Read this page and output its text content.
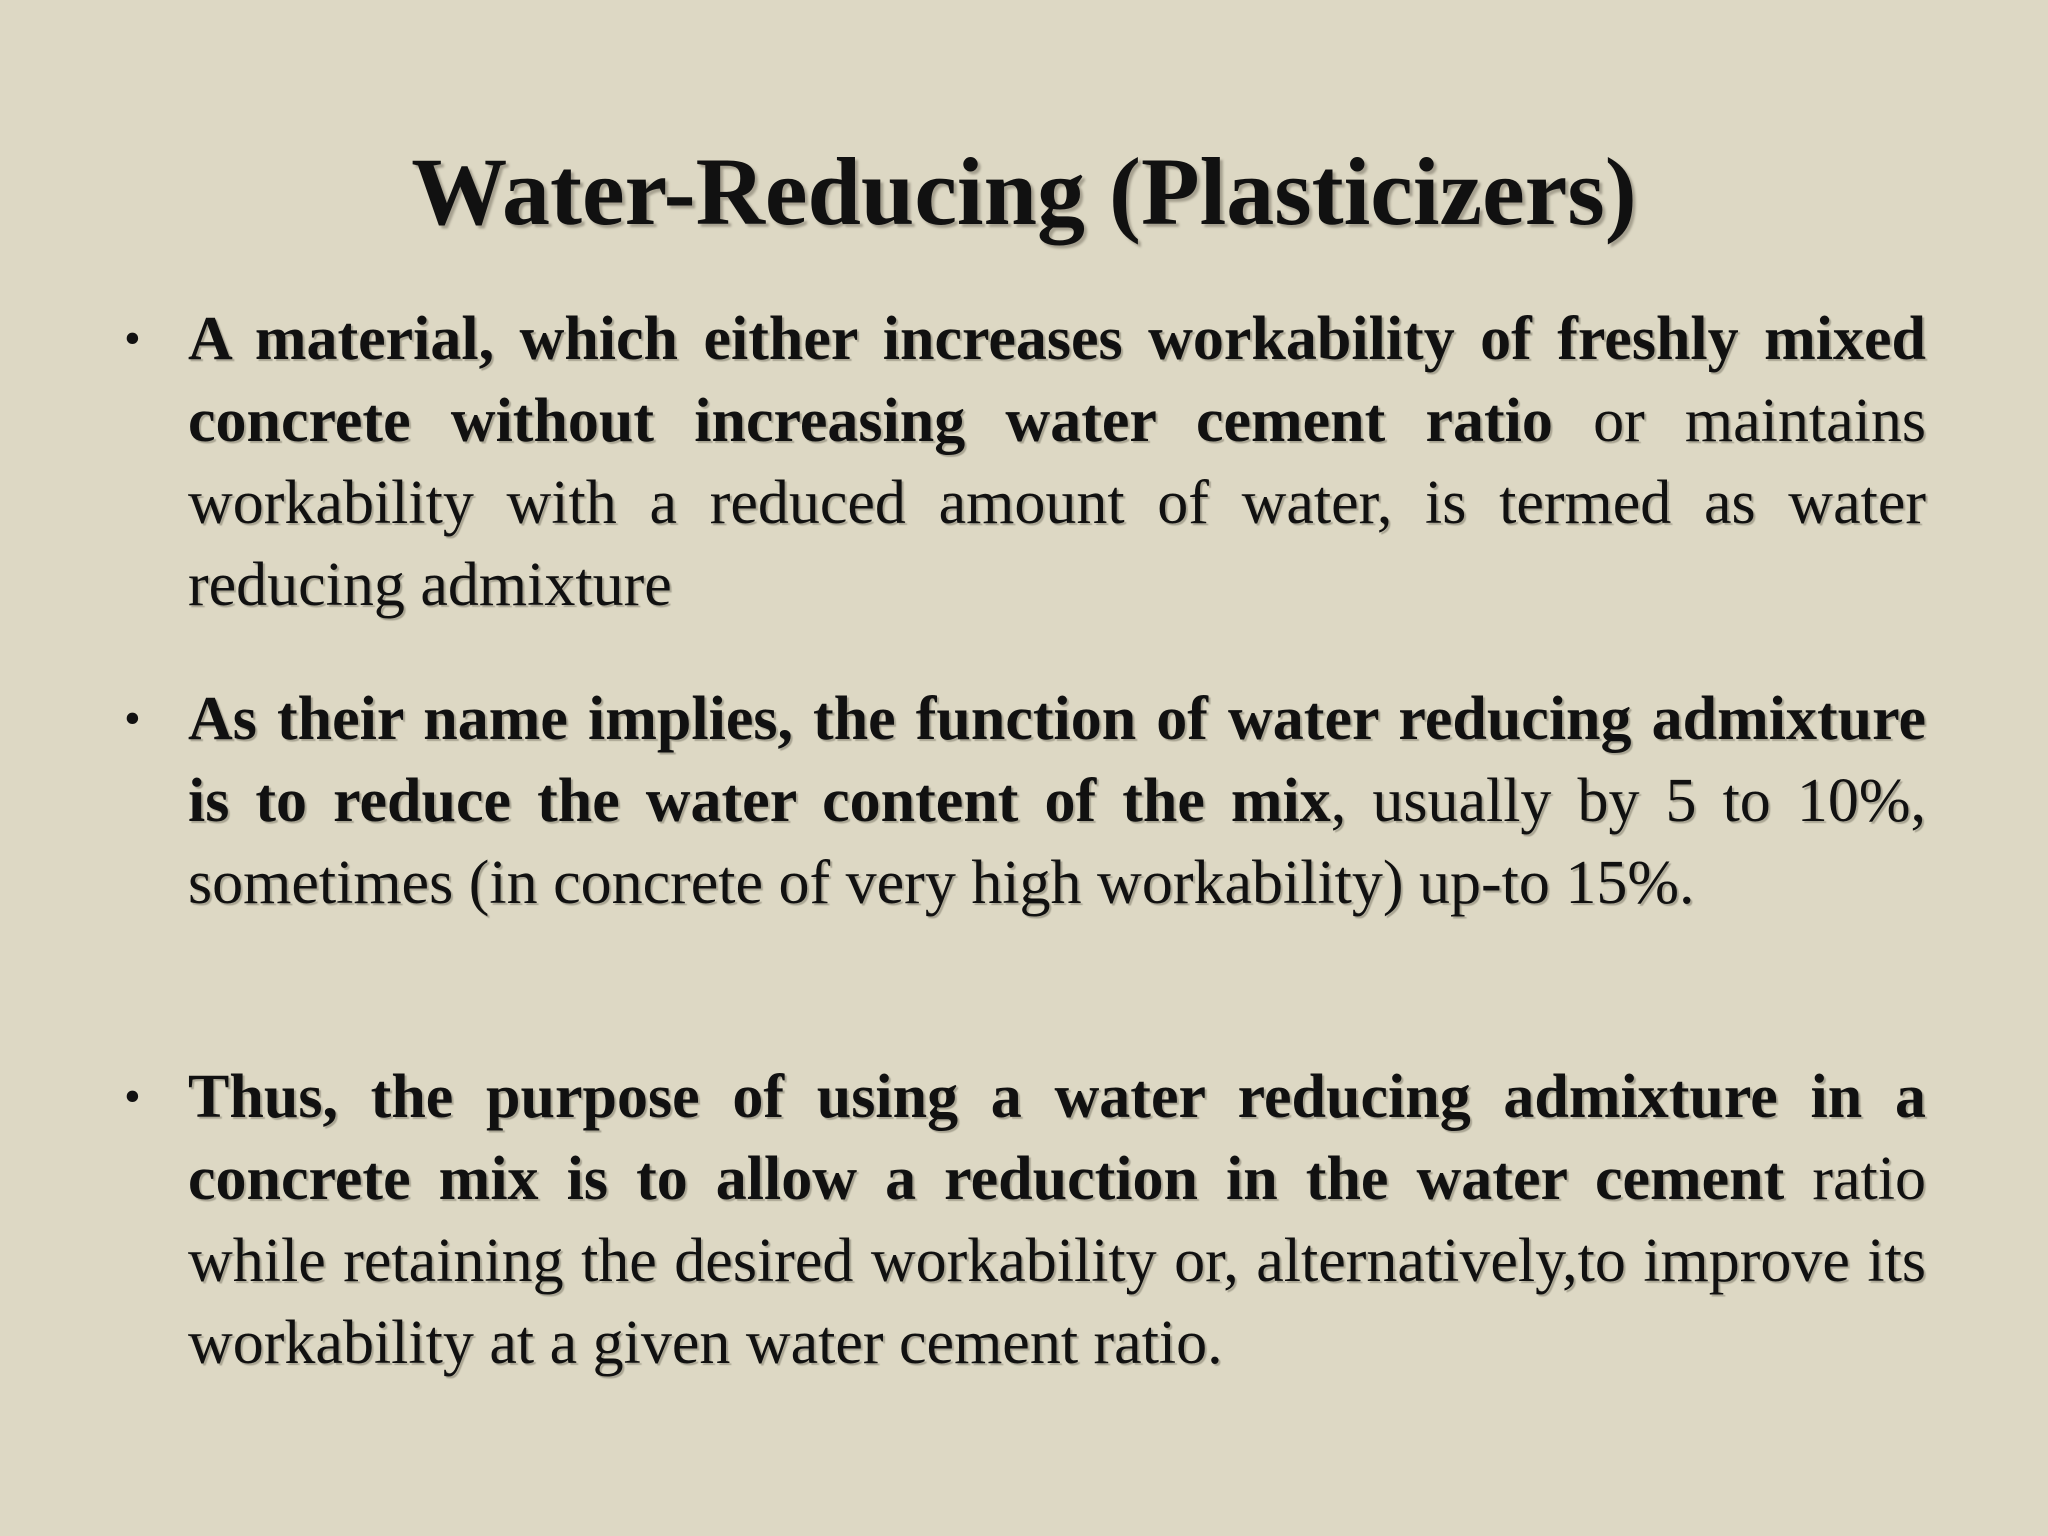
Water-Reducing (Plasticizers)
• A material, which either increases workability of freshly mixed concrete without increasing water cement ratio or maintains workability with a reduced amount of water, is termed as water reducing admixture

• As their name implies, the function of water reducing admixture is to reduce the water content of the mix, usually by 5 to 10%, sometimes (in concrete of very high workability) up-to 15%.

• Thus, the purpose of using a water reducing admixture in a concrete mix is to allow a reduction in the water cement ratio while retaining the desired workability or, alternatively,to improve its workability at a given water cement ratio.
